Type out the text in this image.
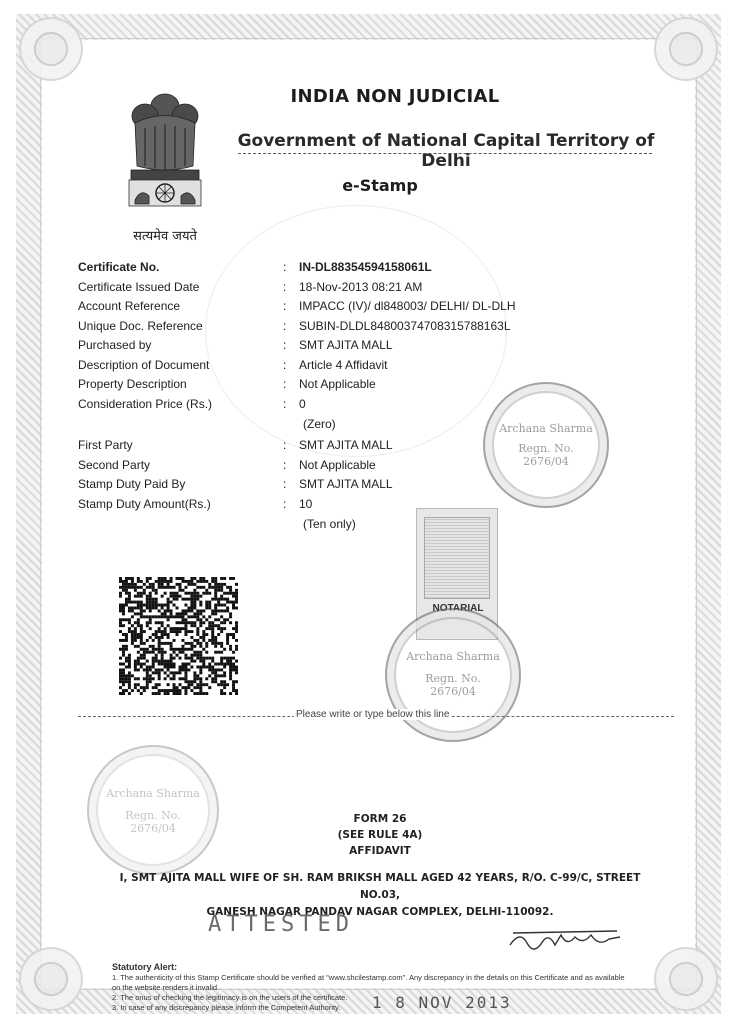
सत्यमेव जयते
INDIA NON JUDICIAL
Government of National Capital Territory of Delhi
e-Stamp
Certificate No.	: IN-DL88354594158061L
Certificate Issued Date	: 18-Nov-2013 08:21 AM
Account Reference	: IMPACC (IV)/ dl848003/ DELHI/ DL-DLH
Unique Doc. Reference	: SUBIN-DLDL84800374708315788163L
Purchased by	: SMT AJITA MALL
Description of Document	: Article 4 Affidavit
Property Description	: Not Applicable
Consideration Price (Rs.)	: 0
(Zero)
First Party	: SMT AJITA MALL
Second Party	: Not Applicable
Stamp Duty Paid By	: SMT AJITA MALL
Stamp Duty Amount(Rs.)	: 10
(Ten only)
NOTARIAL
Archana Sharma
Regn. No.
2676/04
Archana Sharma
Regn. No.
2676/04
Archana Sharma
Regn. No.
2676/04
Please write or type below this line
FORM 26
(SEE RULE 4A)
AFFIDAVIT
I, SMT AJITA MALL WIFE OF SH. RAM BRIKSH MALL AGED 42 YEARS, R/O. C-99/C, STREET NO.03,
GANESH NAGAR PANDAV NAGAR COMPLEX, DELHI-110092.
ATTESTED
Statutory Alert:
1. The authenticity of this Stamp Certificate should be verified at "www.shcilestamp.com". Any discrepancy in the details on this Certificate and as available on the website renders it invalid.
2. The onus of checking the legitimacy is on the users of the certificate.
3. In case of any discrepancy please inform the Competent Authority.	1 8 NOV 2013
